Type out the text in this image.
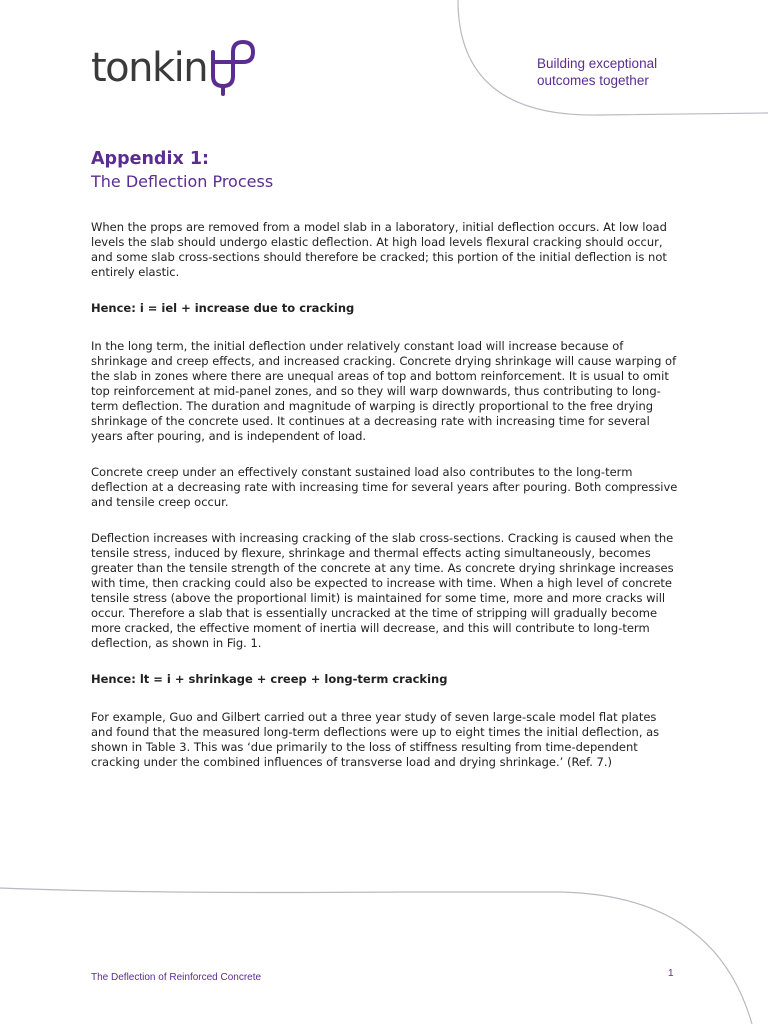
tonkin	Building exceptional
outcomes together
Appendix 1:
The Deflection Process

When the props are removed from a model slab in a laboratory, initial deflection occurs. At low load levels the slab should undergo elastic deflection. At high load levels flexural cracking should occur, and some slab cross-sections should therefore be cracked; this portion of the initial deflection is not entirely elastic.

Hence: i = iel + increase due to cracking

In the long term, the initial deflection under relatively constant load will increase because of shrinkage and creep effects, and increased cracking. Concrete drying shrinkage will cause warping of the slab in zones where there are unequal areas of top and bottom reinforcement. It is usual to omit top reinforcement at mid-panel zones, and so they will warp downwards, thus contributing to long-term deflection. The duration and magnitude of warping is directly proportional to the free drying shrinkage of the concrete used. It continues at a decreasing rate with increasing time for several years after pouring, and is independent of load.

Concrete creep under an effectively constant sustained load also contributes to the long-term deflection at a decreasing rate with increasing time for several years after pouring. Both compressive and tensile creep occur.

Deflection increases with increasing cracking of the slab cross-sections. Cracking is caused when the tensile stress, induced by flexure, shrinkage and thermal effects acting simultaneously, becomes greater than the tensile strength of the concrete at any time. As concrete drying shrinkage increases with time, then cracking could also be expected to increase with time. When a high level of concrete tensile stress (above the proportional limit) is maintained for some time, more and more cracks will occur. Therefore a slab that is essentially uncracked at the time of stripping will gradually become more cracked, the effective moment of inertia will decrease, and this will contribute to long-term deflection, as shown in Fig. 1.

Hence: lt = i + shrinkage + creep + long-term cracking

For example, Guo and Gilbert carried out a three year study of seven large-scale model flat plates and found that the measured long-term deflections were up to eight times the initial deflection, as shown in Table 3. This was ‘due primarily to the loss of stiffness resulting from time-dependent cracking under the combined influences of transverse load and drying shrinkage.’ (Ref. 7.)

The Deflection of Reinforced Concrete	1
